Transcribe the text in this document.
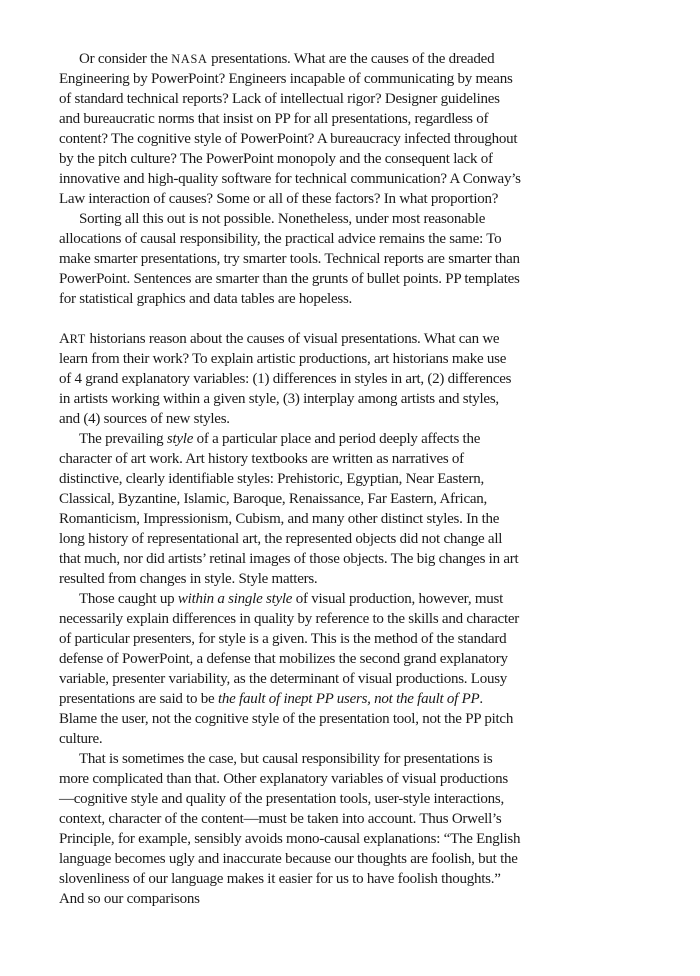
Or consider the NASA presentations. What are the causes of the dreaded Engineering by PowerPoint? Engineers incapable of communicating by means of standard technical reports? Lack of intellectual rigor? Designer guidelines and bureaucratic norms that insist on PP for all presentations, regardless of content? The cognitive style of PowerPoint? A bureaucracy infected throughout by the pitch culture? The PowerPoint monopoly and the consequent lack of innovative and high-quality software for technical communication? A Conway’s Law interaction of causes? Some or all of these factors? In what proportion?

Sorting all this out is not possible. Nonetheless, under most reasonable allocations of causal responsibility, the practical advice remains the same: To make smarter presentations, try smarter tools. Technical reports are smarter than PowerPoint. Sentences are smarter than the grunts of bullet points. PP templates for statistical graphics and data tables are hopeless.

ART historians reason about the causes of visual presentations. What can we learn from their work? To explain artistic productions, art historians make use of 4 grand explanatory variables: (1) differences in styles in art, (2) differences in artists working within a given style, (3) interplay among artists and styles, and (4) sources of new styles.

The prevailing style of a particular place and period deeply affects the character of art work. Art history textbooks are written as narratives of distinctive, clearly identifiable styles: Prehistoric, Egyptian, Near Eastern, Classical, Byzantine, Islamic, Baroque, Renaissance, Far Eastern, African, Romanticism, Impressionism, Cubism, and many other distinct styles. In the long history of representational art, the represented objects did not change all that much, nor did artists’ retinal images of those objects. The big changes in art resulted from changes in style. Style matters.

Those caught up within a single style of visual production, however, must necessarily explain differences in quality by reference to the skills and character of particular presenters, for style is a given. This is the method of the standard defense of PowerPoint, a defense that mobilizes the second grand explanatory variable, presenter variability, as the determinant of visual productions. Lousy presentations are said to be the fault of inept PP users, not the fault of PP. Blame the user, not the cognitive style of the presentation tool, not the PP pitch culture.

That is sometimes the case, but causal responsibility for presentations is more complicated than that. Other explanatory variables of visual productions—cognitive style and quality of the presentation tools, user-style interactions, context, character of the content—must be taken into account. Thus Orwell’s Principle, for example, sensibly avoids mono-causal explanations: “The English language becomes ugly and inaccurate because our thoughts are foolish, but the slovenliness of our language makes it easier for us to have foolish thoughts.” And so our comparisons
